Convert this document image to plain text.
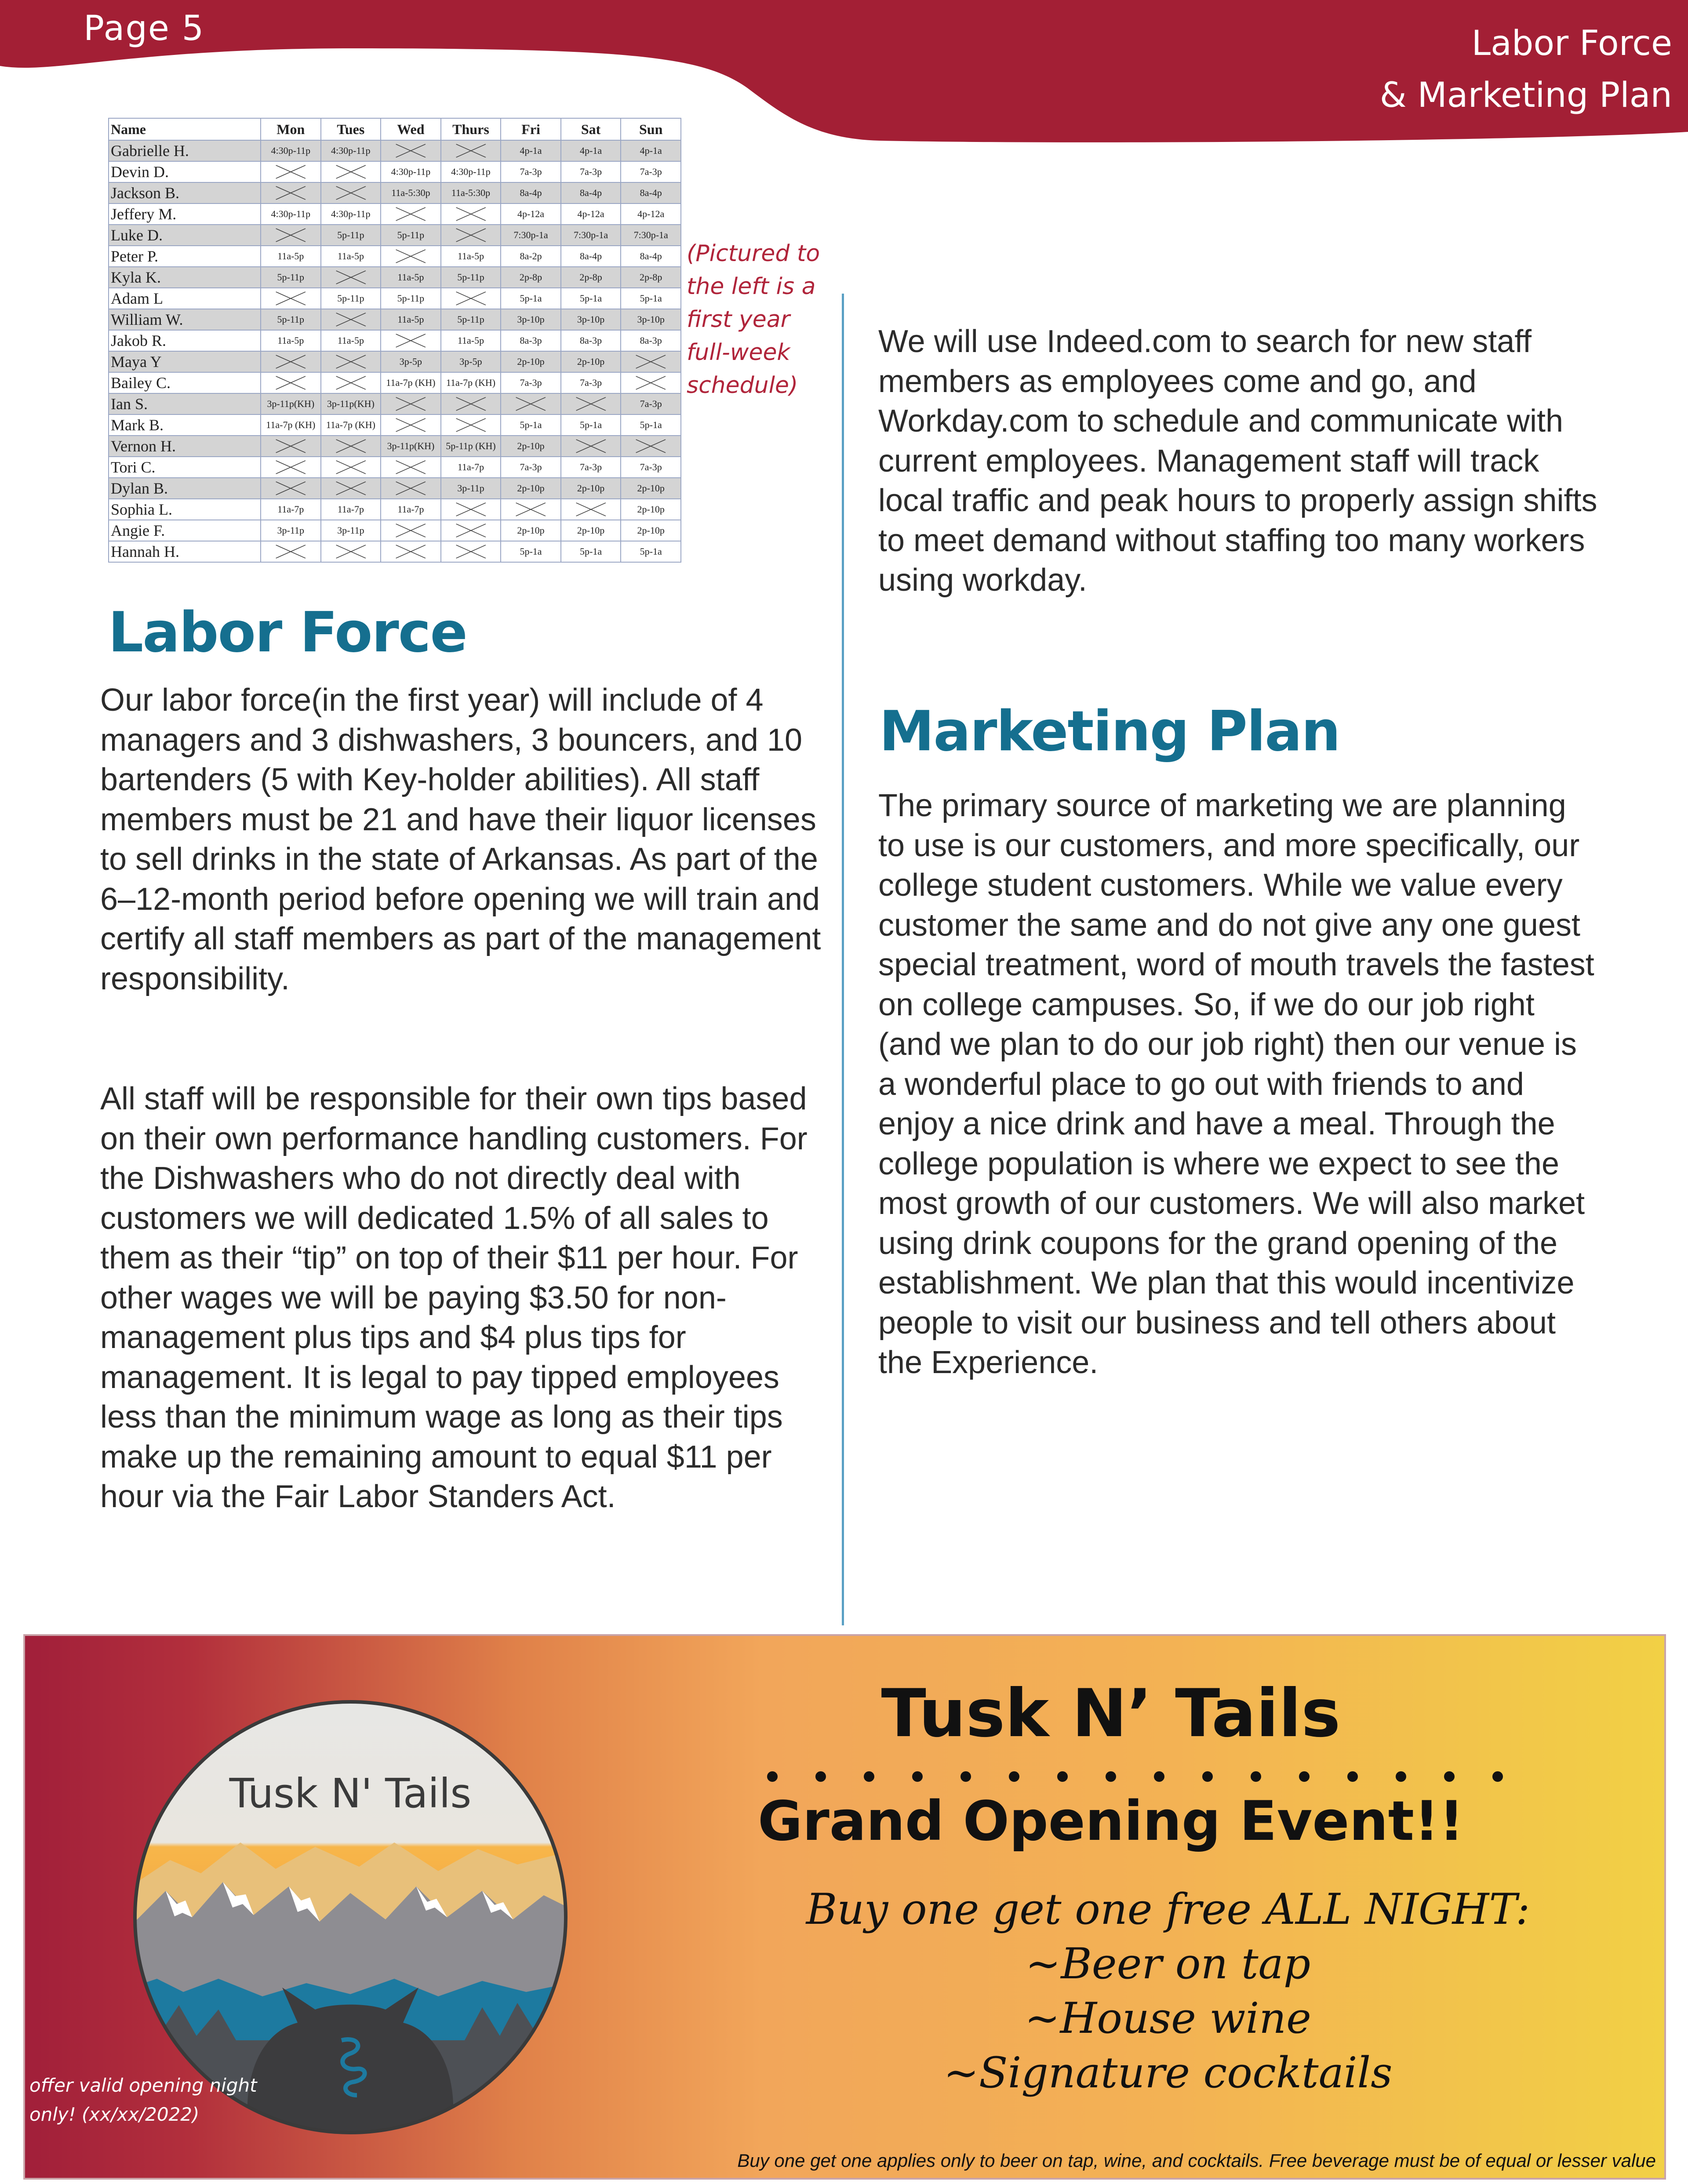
Page 5	Labor Force
& Marketing Plan
Name	Mon	Tues	Wed	Thurs	Fri	Sat	Sun
Gabrielle H.	4:30p-11p	4:30p-11p			4p-1a	4p-1a	4p-1a
Devin D.			4:30p-11p	4:30p-11p	7a-3p	7a-3p	7a-3p
Jackson B.			11a-5:30p	11a-5:30p	8a-4p	8a-4p	8a-4p
Jeffery M.	4:30p-11p	4:30p-11p			4p-12a	4p-12a	4p-12a
Luke D.		5p-11p	5p-11p		7:30p-1a	7:30p-1a	7:30p-1a
Peter P.	11a-5p	11a-5p		11a-5p	8a-2p	8a-4p	8a-4p
Kyla K.	5p-11p		11a-5p	5p-11p	2p-8p	2p-8p	2p-8p
Adam L		5p-11p	5p-11p		5p-1a	5p-1a	5p-1a
William W.	5p-11p		11a-5p	5p-11p	3p-10p	3p-10p	3p-10p
Jakob R.	11a-5p	11a-5p		11a-5p	8a-3p	8a-3p	8a-3p
Maya Y			3p-5p	3p-5p	2p-10p	2p-10p	

Bailey C.			11a-7p (KH)	11a-7p (KH)	7a-3p	7a-3p	

Ian S.	3p-11p(KH)	3p-11p(KH)					7a-3p
Mark B.	11a-7p (KH)	11a-7p (KH)			5p-1a	5p-1a	5p-1a
Vernon H.			3p-11p(KH)	5p-11p (KH)	2p-10p	

Tori C.				11a-7p	7a-3p	7a-3p	7a-3p
Dylan B.				3p-11p	2p-10p	2p-10p	2p-10p
Sophia L.	11a-7p	11a-7p	11a-7p				2p-10p
Angie F.	3p-11p	3p-11p			2p-10p	2p-10p	2p-10p
Hannah H.					5p-1a	5p-1a	5p-1a
(Pictured to the left is a first year full-week schedule)
Labor Force

Our labor force(in the first year) will include of 4 managers and 3 dishwashers, 3 bouncers, and 10 bartenders (5 with Key-holder abilities). All staff members must be 21 and have their liquor licenses to sell drinks in the state of Arkansas. As part of the 6–12-month period before opening we will train and certify all staff members as part of the management responsibility.

All staff will be responsible for their own tips based on their own performance handling customers. For the Dishwashers who do not directly deal with customers we will dedicated 1.5% of all sales to them as their “tip” on top of their $11 per hour. For other wages we will be paying $3.50 for non-management plus tips and $4 plus tips for management. It is legal to pay tipped employees less than the minimum wage as long as their tips make up the remaining amount to equal $11 per hour via the Fair Labor Standers Act.

We will use Indeed.com to search for new staff members as employees come and go, and Workday.com to schedule and communicate with current employees. Management staff will track local traffic and peak hours to properly assign shifts to meet demand without staffing too many workers using workday.

Marketing Plan

The primary source of marketing we are planning to use is our customers, and more specifically, our college student customers. While we value every customer the same and do not give any one guest special treatment, word of mouth travels the fastest on college campuses. So, if we do our job right (and we plan to do our job right) then our venue is a wonderful place to go out with friends to and enjoy a nice drink and have a meal. Through the college population is where we expect to see the most growth of our customers. We will also market using drink coupons for the grand opening of the establishment. We plan that this would incentivize people to visit our business and tell others about the Experience.

Tusk N' Tails
offer valid opening night only! (xx/xx/2022)
Tusk N’ Tails
Grand Opening Event!!
Buy one get one free ALL NIGHT:
~Beer on tap
~House wine
~Signature cocktails
Buy one get one applies only to beer on tap, wine, and cocktails. Free beverage must be of equal or lesser value
